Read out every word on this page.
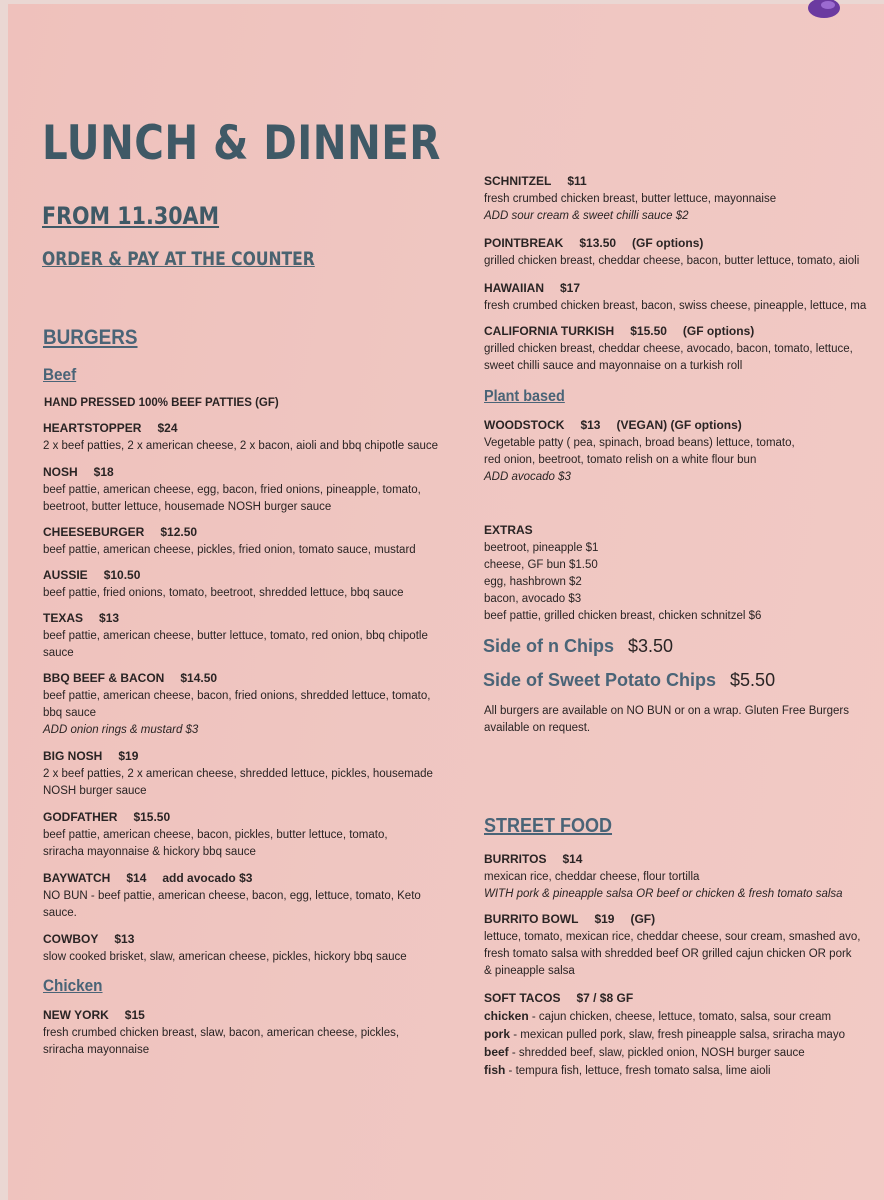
LUNCH & DINNER
FROM 11.30AM
ORDER & PAY AT THE COUNTER
BURGERS
Beef
HAND PRESSED 100% BEEF PATTIES (GF)
HEARTSTOPPER $24
2 x beef patties, 2 x american cheese, 2 x bacon, aioli and bbq chipotle sauce
NOSH $18
beef pattie, american cheese, egg, bacon, fried onions, pineapple, tomato,
beetroot, butter lettuce, housemade NOSH burger sauce
CHEESEBURGER $12.50
beef pattie, american cheese, pickles, fried onion, tomato sauce, mustard
AUSSIE $10.50
beef pattie, fried onions, tomato, beetroot, shredded lettuce, bbq sauce
TEXAS $13
beef pattie, american cheese, butter lettuce, tomato, red onion, bbq chipotle
sauce
BBQ BEEF & BACON $14.50
beef pattie, american cheese, bacon, fried onions, shredded lettuce, tomato,
bbq sauce
ADD onion rings & mustard $3
BIG NOSH $19
2 x beef patties, 2 x american cheese, shredded lettuce, pickles, housemade
NOSH burger sauce
GODFATHER $15.50
beef pattie, american cheese, bacon, pickles, butter lettuce, tomato,
sriracha mayonnaise & hickory bbq sauce
BAYWATCH $14 add avocado $3
NO BUN - beef pattie, american cheese, bacon, egg, lettuce, tomato, Keto
sauce.
COWBOY $13
slow cooked brisket, slaw, american cheese, pickles, hickory bbq sauce
Chicken
NEW YORK $15
fresh crumbed chicken breast, slaw, bacon, american cheese, pickles,
sriracha mayonnaise
SCHNITZEL $11
fresh crumbed chicken breast, butter lettuce, mayonnaise
ADD sour cream & sweet chilli sauce $2
POINTBREAK $13.50 (GF options)
grilled chicken breast, cheddar cheese, bacon, butter lettuce, tomato, aioli
HAWAIIAN $17
fresh crumbed chicken breast, bacon, swiss cheese, pineapple, lettuce, ma
CALIFORNIA TURKISH $15.50 (GF options)
grilled chicken breast, cheddar cheese, avocado, bacon, tomato, lettuce,
sweet chilli sauce and mayonnaise on a turkish roll
Plant based
WOODSTOCK $13 (VEGAN) (GF options)
Vegetable patty ( pea, spinach, broad beans) lettuce, tomato,
red onion, beetroot, tomato relish on a white flour bun
ADD avocado $3
EXTRAS
beetroot, pineapple $1
cheese, GF bun $1.50
egg, hashbrown $2
bacon, avocado $3
beef pattie, grilled chicken breast, chicken schnitzel $6
Side of n Chips $3.50
Side of Sweet Potato Chips $5.50
All burgers are available on NO BUN or on a wrap. Gluten Free Burgers
available on request.
STREET FOOD
BURRITOS $14
mexican rice, cheddar cheese, flour tortilla
WITH pork & pineapple salsa OR beef or chicken & fresh tomato salsa
BURRITO BOWL $19 (GF)
lettuce, tomato, mexican rice, cheddar cheese, sour cream, smashed avo,
fresh tomato salsa with shredded beef OR grilled cajun chicken OR pork
& pineapple salsa
SOFT TACOS $7 / $8 GF
chicken - cajun chicken, cheese, lettuce, tomato, salsa, sour cream
pork - mexican pulled pork, slaw, fresh pineapple salsa, sriracha mayo
beef - shredded beef, slaw, pickled onion, NOSH burger sauce
fish - tempura fish, lettuce, fresh tomato salsa, lime aioli
